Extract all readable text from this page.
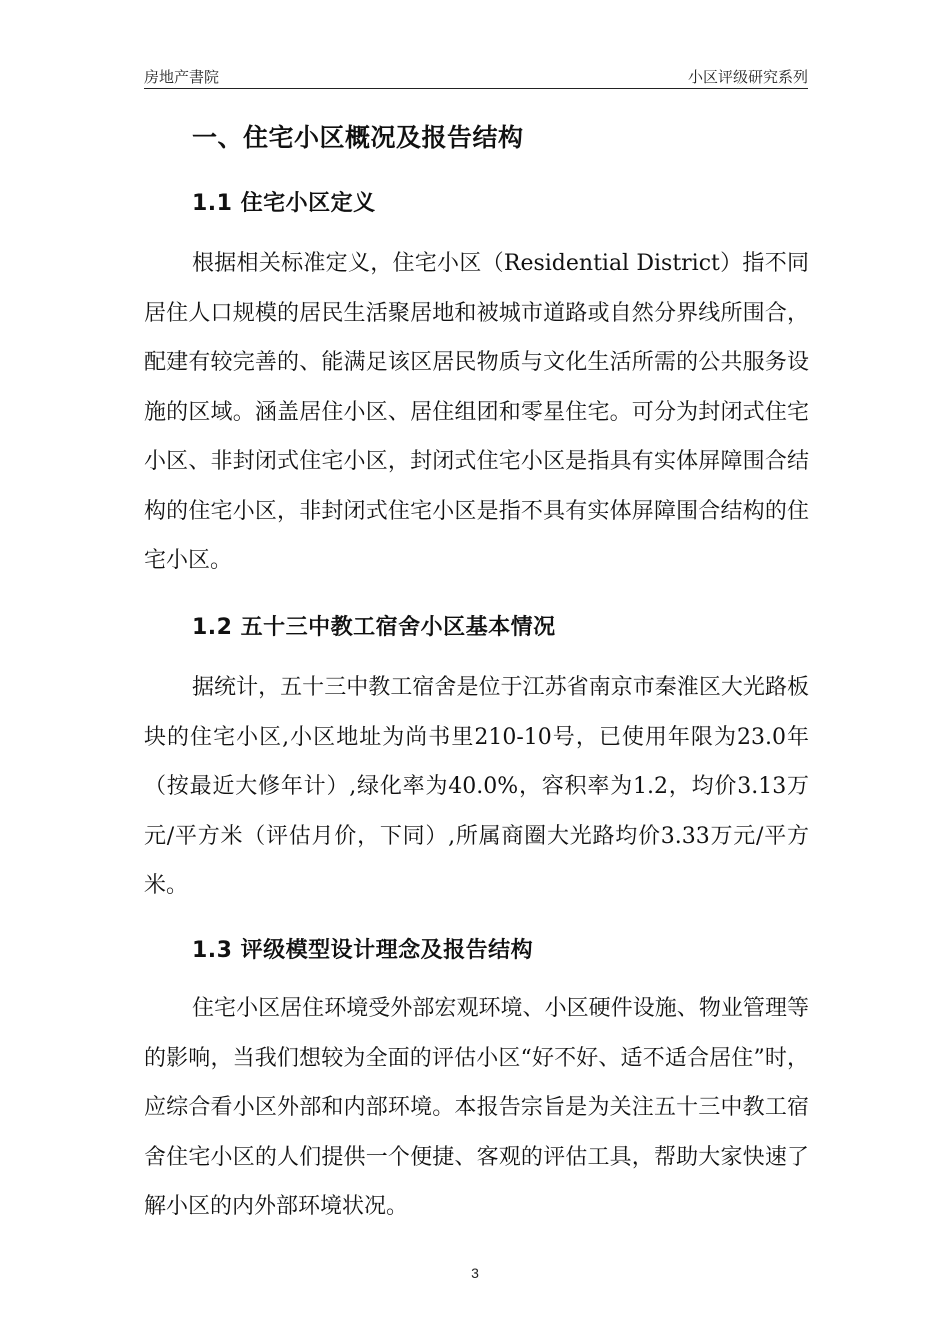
房地产書院	小区评级研究系列
一、住宅小区概况及报告结构
1.1 住宅小区定义

根据相关标准定义，住宅小区（Residential District）指不同居住人口规模的居民生活聚居地和被城市道路或自然分界线所围合，配建有较完善的、能满足该区居民物质与文化生活所需的公共服务设施的区域。涵盖居住小区、居住组团和零星住宅。可分为封闭式住宅小区、非封闭式住宅小区，封闭式住宅小区是指具有实体屏障围合结构的住宅小区，非封闭式住宅小区是指不具有实体屏障围合结构的住宅小区。

1.2 五十三中教工宿舍小区基本情况

据统计，五十三中教工宿舍是位于江苏省南京市秦淮区大光路板块的住宅小区,小区地址为尚书里210-10号，已使用年限为23.0年（按最近大修年计）,绿化率为40.0%，容积率为1.2，均价3.13万元/平方米（评估月价，下同）,所属商圈大光路均价3.33万元/平方米。

1.3 评级模型设计理念及报告结构

住宅小区居住环境受外部宏观环境、小区硬件设施、物业管理等的影响，当我们想较为全面的评估小区“好不好、适不适合居住”时，应综合看小区外部和内部环境。本报告宗旨是为关注五十三中教工宿舍住宅小区的人们提供一个便捷、客观的评估工具，帮助大家快速了解小区的内外部环境状况。

3
